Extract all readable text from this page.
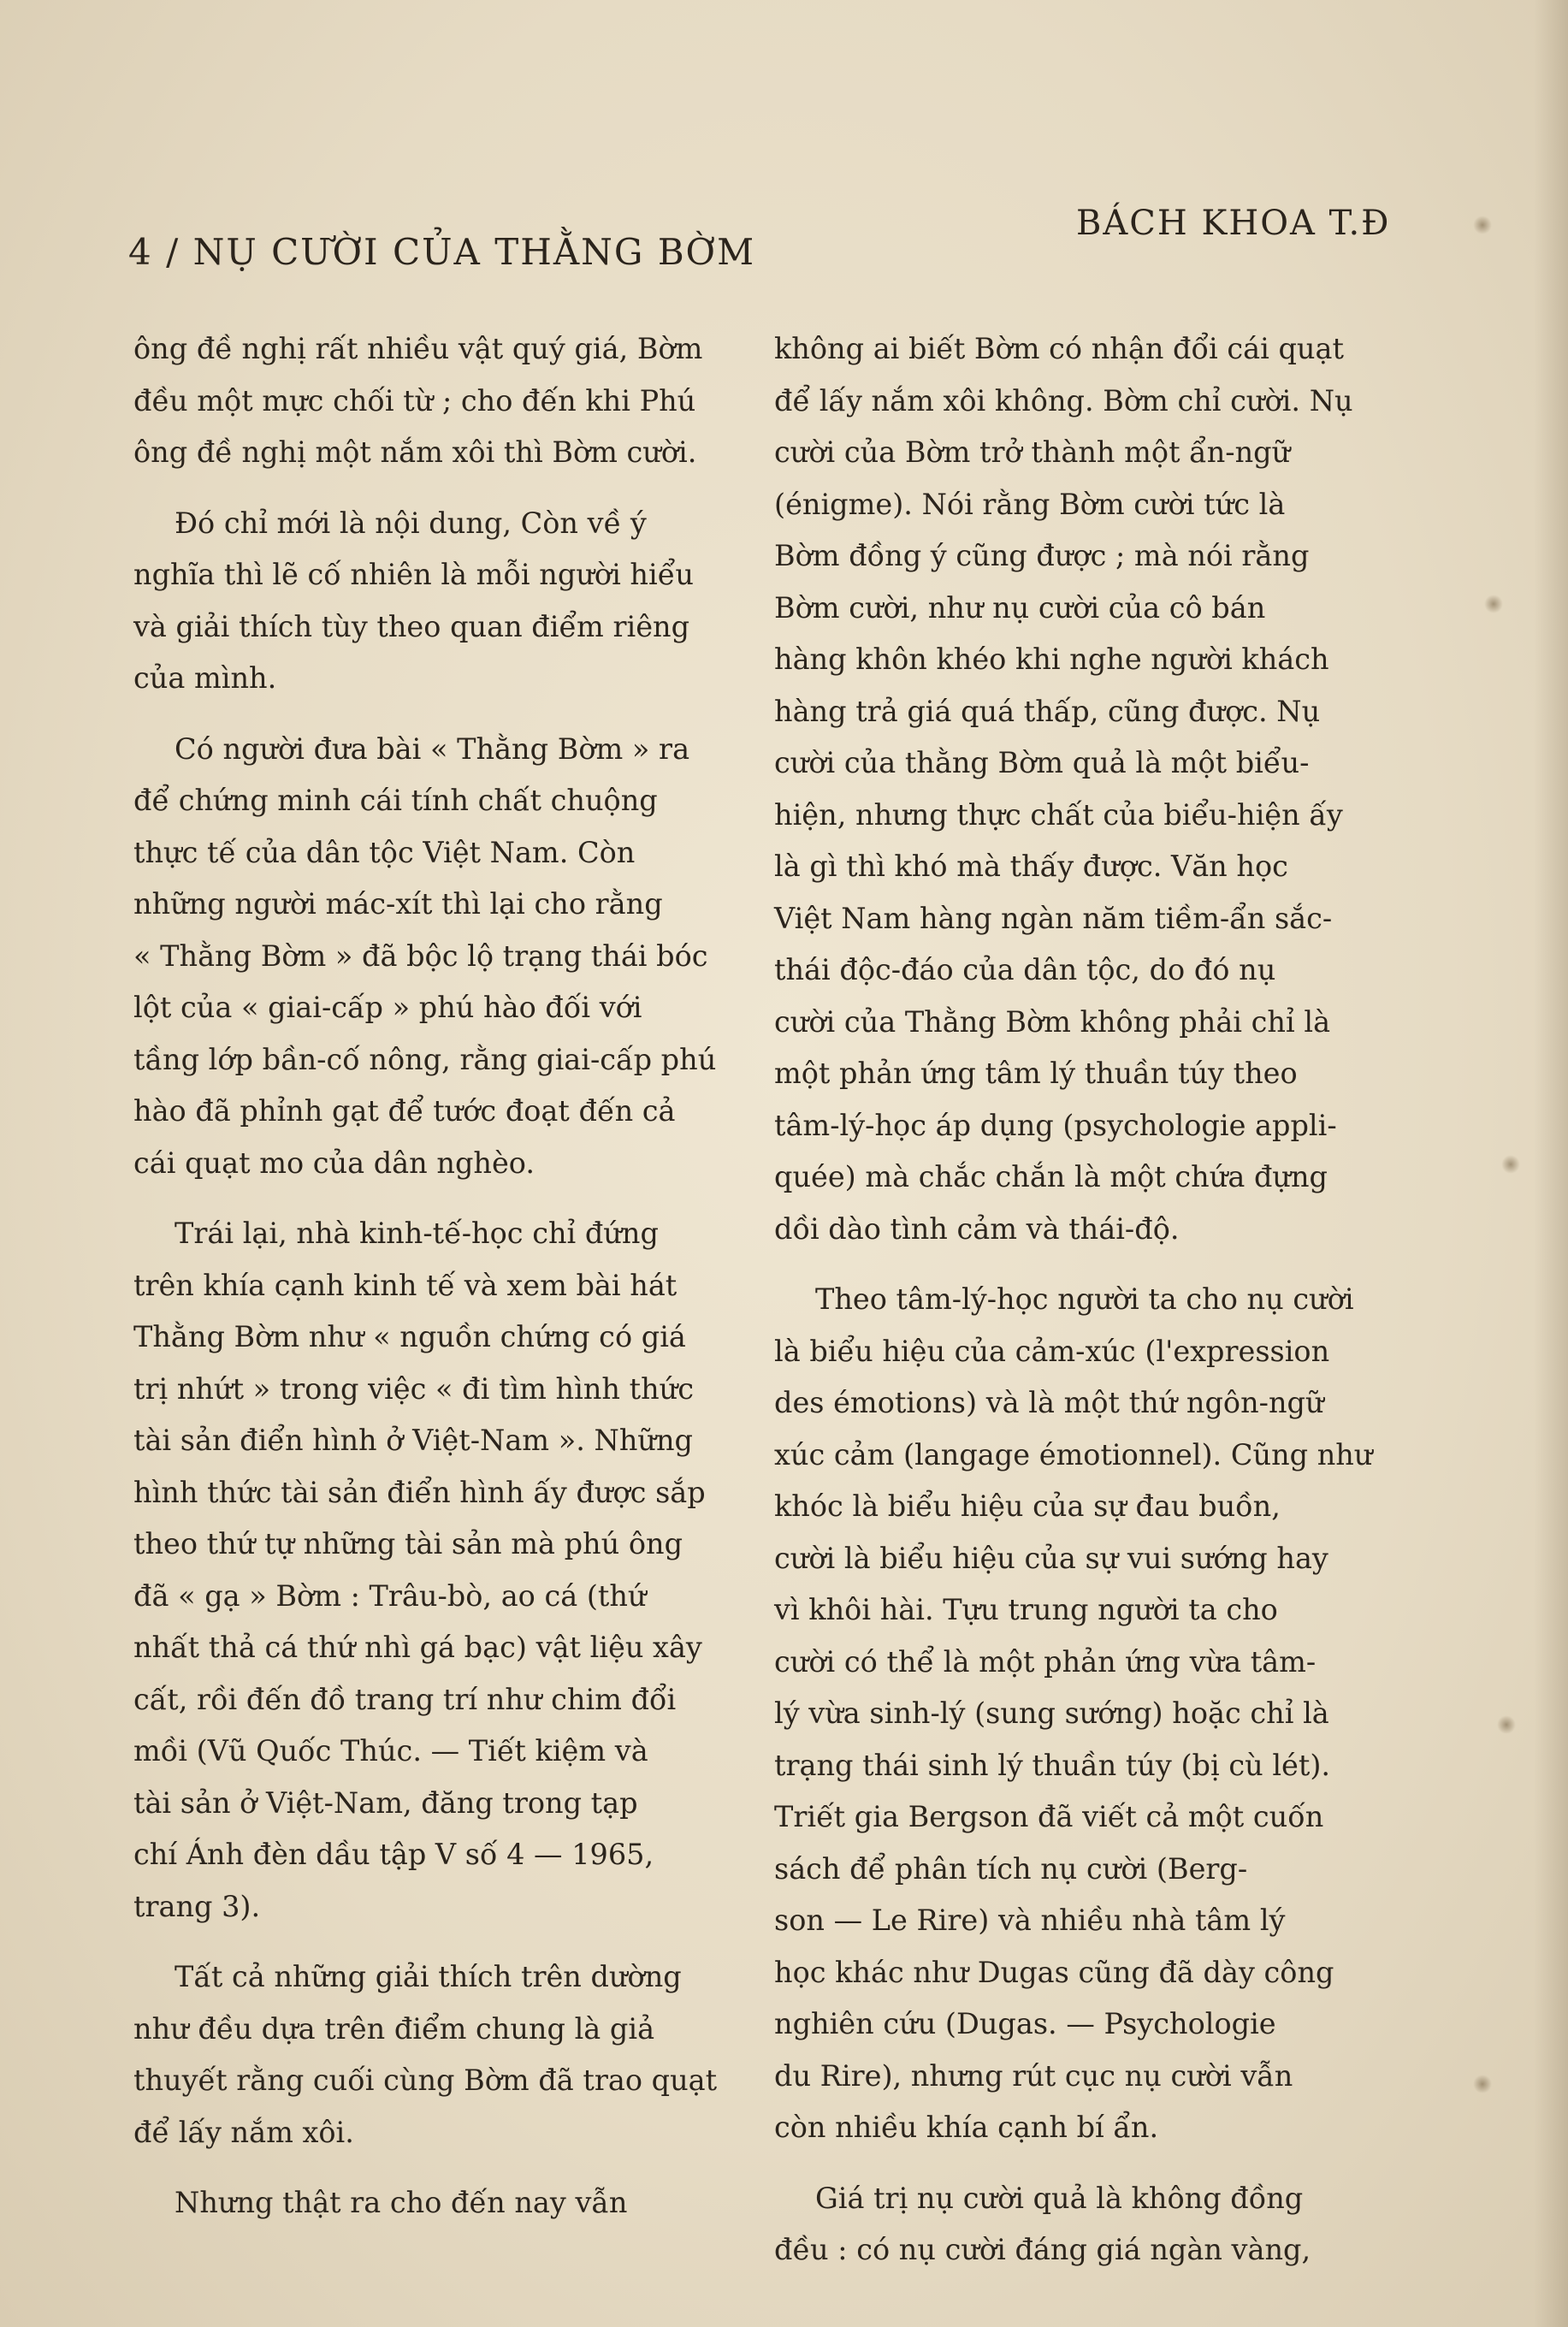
4 / NỤ CƯỜI CỦA THẰNG BỜM
BÁCH KHOA T.Đ
ông đề nghị rất nhiều vật quý giá, Bờm
đều một mực chối từ ; cho đến khi Phú
ông đề nghị một nắm xôi thì Bờm cười.
Đó chỉ mới là nội dung, Còn về ý
nghĩa thì lẽ cố nhiên là mỗi người hiểu
và giải thích tùy theo quan điểm riêng
của mình.
Có người đưa bài « Thằng Bờm » ra
để chứng minh cái tính chất chuộng
thực tế của dân tộc Việt Nam. Còn
những người mác-xít thì lại cho rằng
« Thằng Bờm » đã bộc lộ trạng thái bóc
lột của « giai-cấp » phú hào đối với
tầng lớp bần-cố nông, rằng giai-cấp phú
hào đã phỉnh gạt để tước đoạt đến cả
cái quạt mo của dân nghèo.
Trái lại, nhà kinh-tế-học chỉ đứng
trên khía cạnh kinh tế và xem bài hát
Thằng Bờm như « nguồn chứng có giá
trị nhứt » trong việc « đi tìm hình thức
tài sản điển hình ở Việt-Nam ». Những
hình thức tài sản điển hình ấy được sắp
theo thứ tự những tài sản mà phú ông
đã « gạ » Bờm : Trâu-bò, ao cá (thứ
nhất thả cá thứ nhì gá bạc) vật liệu xây
cất, rồi đến đồ trang trí như chim đổi
mồi (Vũ Quốc Thúc. — Tiết kiệm và
tài sản ở Việt-Nam, đăng trong tạp
chí Ánh đèn dầu tập V số 4 — 1965,
trang 3).
Tất cả những giải thích trên dường
như đều dựa trên điểm chung là giả
thuyết rằng cuối cùng Bờm đã trao quạt
để lấy nắm xôi.
Nhưng thật ra cho đến nay vẫn
không ai biết Bờm có nhận đổi cái quạt
để lấy nắm xôi không. Bờm chỉ cười. Nụ
cười của Bờm trở thành một ẩn-ngữ
(énigme). Nói rằng Bờm cười tức là
Bờm đồng ý cũng được ; mà nói rằng
Bờm cười, như nụ cười của cô bán
hàng khôn khéo khi nghe người khách
hàng trả giá quá thấp, cũng được. Nụ
cười của thằng Bờm quả là một biểu-
hiện, nhưng thực chất của biểu-hiện ấy
là gì thì khó mà thấy được. Văn học
Việt Nam hàng ngàn năm tiềm-ẩn sắc-
thái độc-đáo của dân tộc, do đó nụ
cười của Thằng Bờm không phải chỉ là
một phản ứng tâm lý thuần túy theo
tâm-lý-học áp dụng (psychologie appli-
quée) mà chắc chắn là một chứa đựng
dồi dào tình cảm và thái-độ.
Theo tâm-lý-học người ta cho nụ cười
là biểu hiệu của cảm-xúc (l'expression
des émotions) và là một thứ ngôn-ngữ
xúc cảm (langage émotionnel). Cũng như
khóc là biểu hiệu của sự đau buồn,
cười là biểu hiệu của sự vui sướng hay
vì khôi hài. Tựu trung người ta cho
cười có thể là một phản ứng vừa tâm-
lý vừa sinh-lý (sung sướng) hoặc chỉ là
trạng thái sinh lý thuần túy (bị cù lét).
Triết gia Bergson đã viết cả một cuốn
sách để phân tích nụ cười (Berg-
son — Le Rire) và nhiều nhà tâm lý
học khác như Dugas cũng đã dày công
nghiên cứu (Dugas. — Psychologie
du Rire), nhưng rút cục nụ cười vẫn
còn nhiều khía cạnh bí ẩn.
Giá trị nụ cười quả là không đồng
đều : có nụ cười đáng giá ngàn vàng,
